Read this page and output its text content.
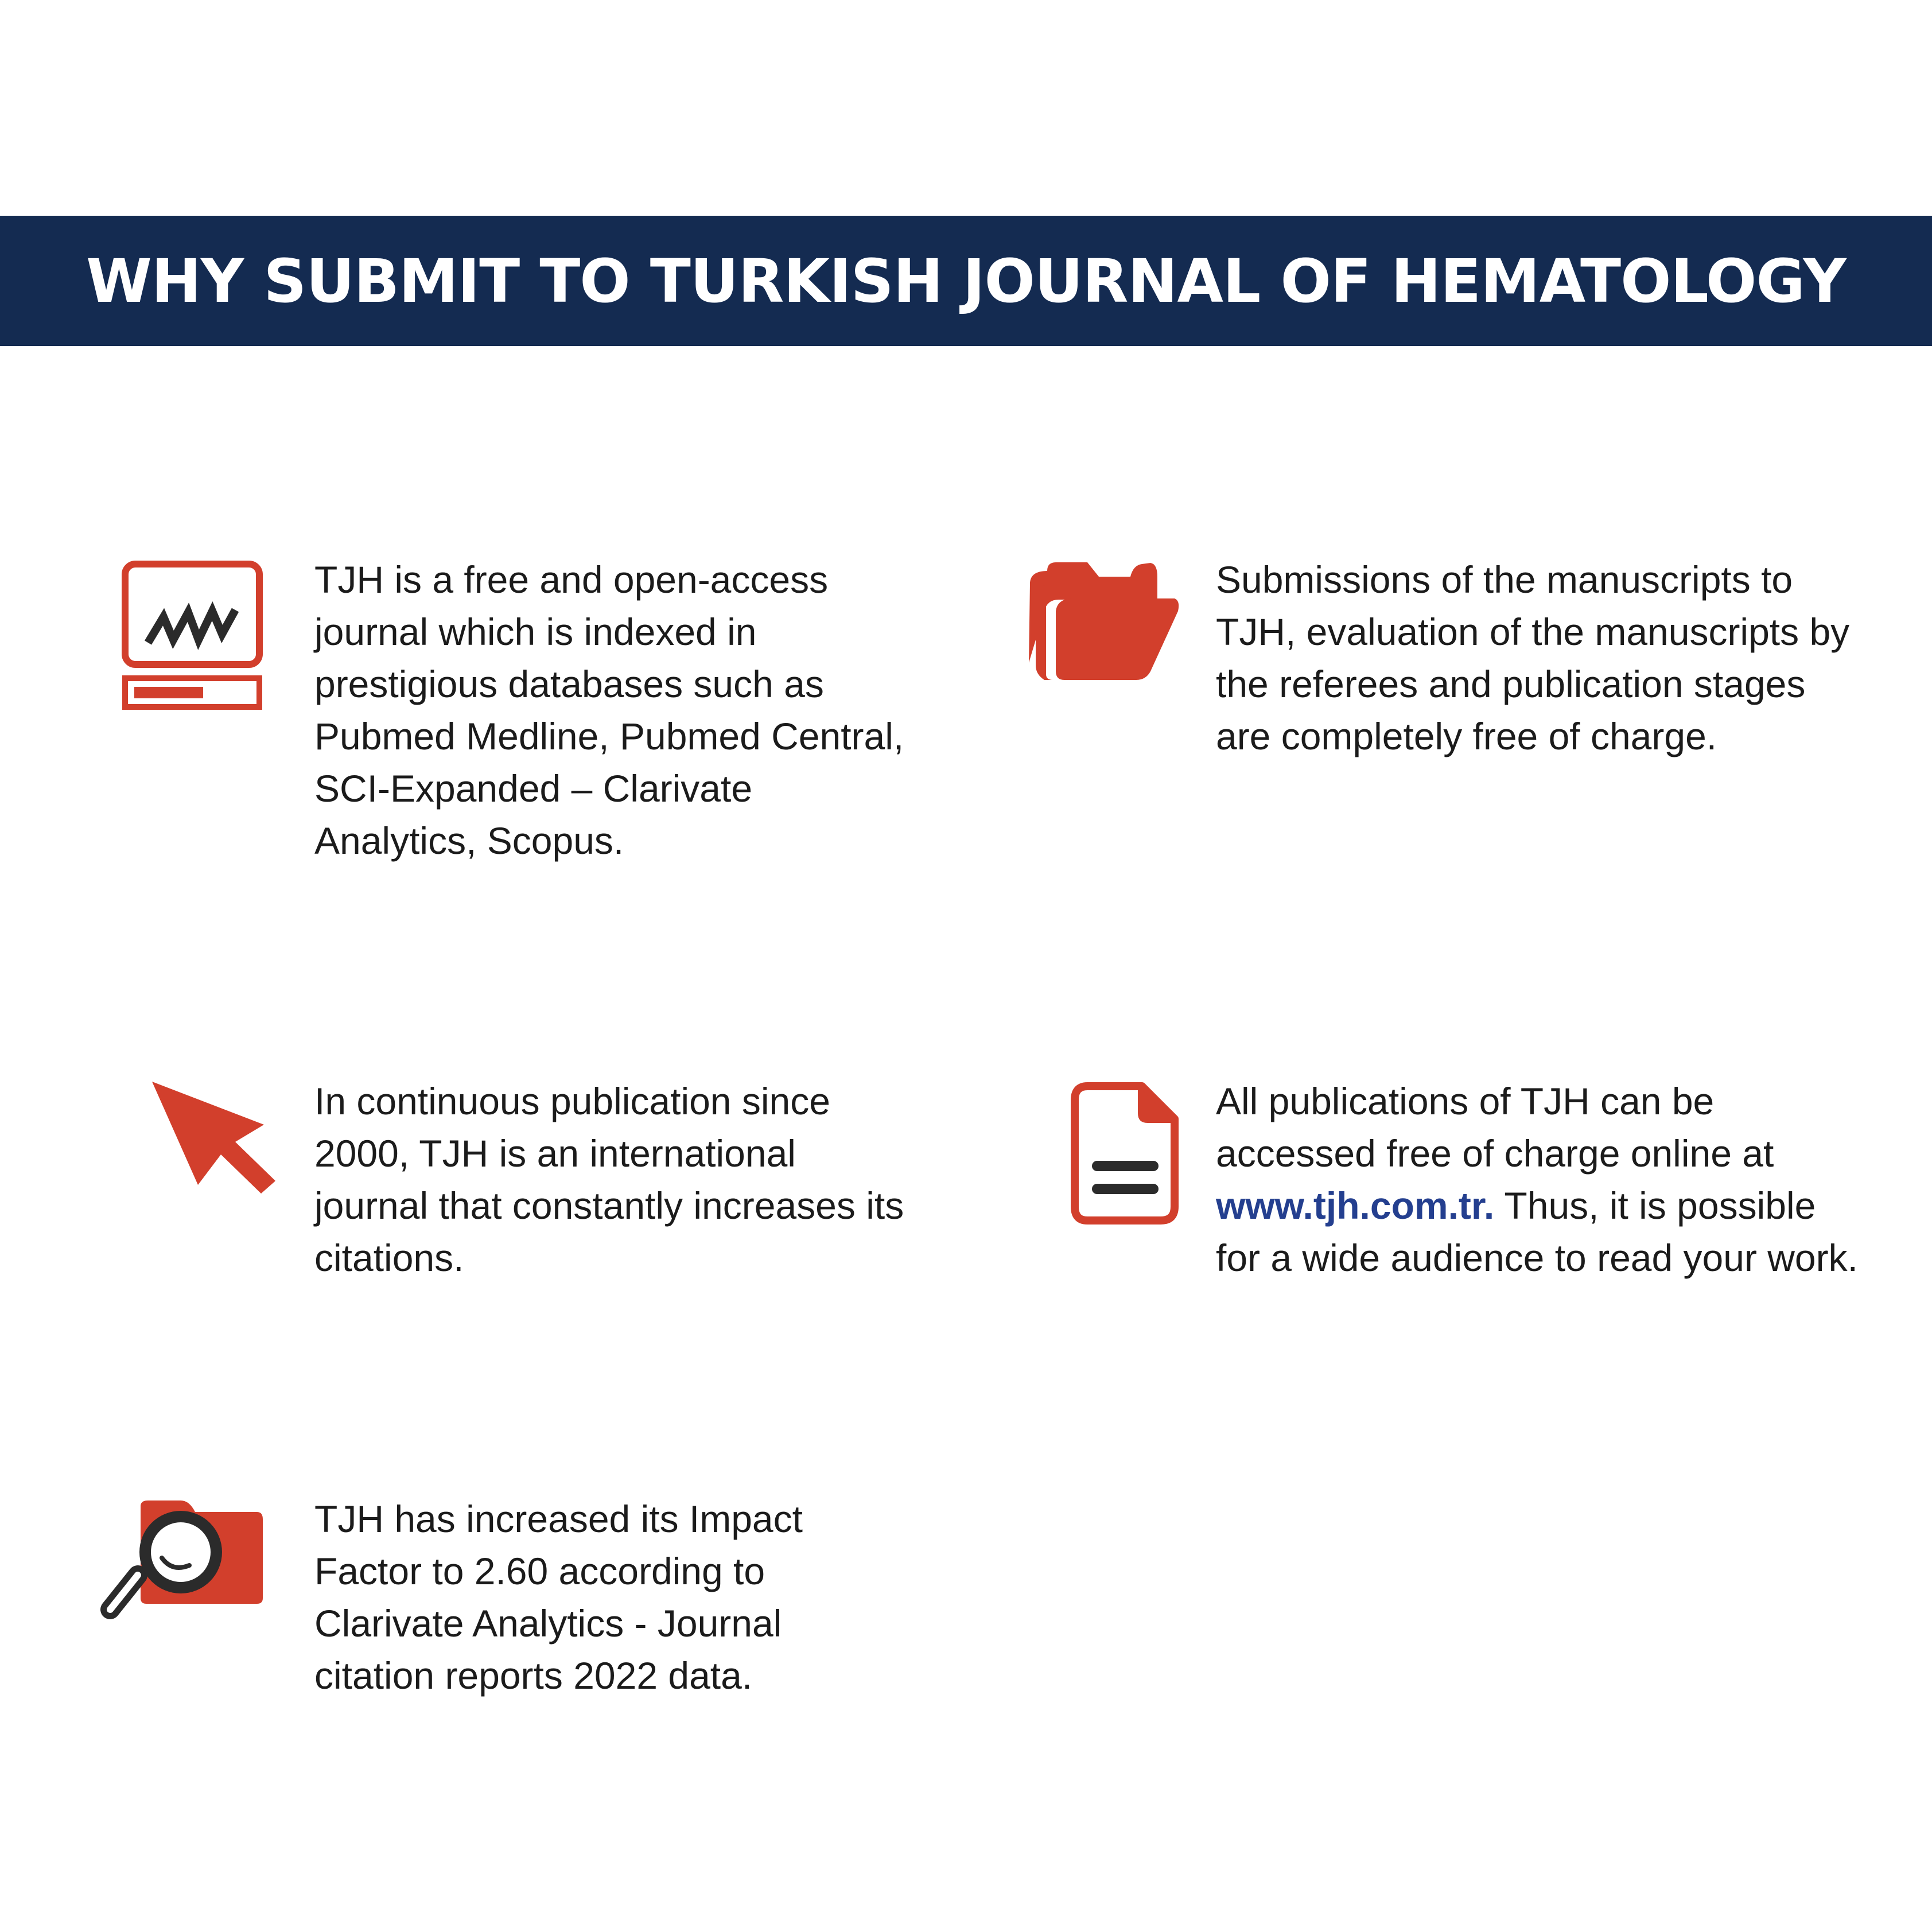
WHY SUBMIT TO TURKISH JOURNAL OF HEMATOLOGY
TJH is a free and open-access journal which is indexed in prestigious databases such as Pubmed Medline, Pubmed Central, SCI-Expanded – Clarivate Analytics, Scopus.
Submissions of the manuscripts to TJH, evaluation of the manuscripts by the referees and publication stages are completely free of charge.
In continuous publication since 2000, TJH is an international journal that constantly increases its citations.
All publications of TJH can be accessed free of charge online at www.tjh.com.tr. Thus, it is possible for a wide audience to read your work.
TJH has increased its Impact Factor to 2.60 according to Clarivate Analytics - Journal citation reports 2022 data.
